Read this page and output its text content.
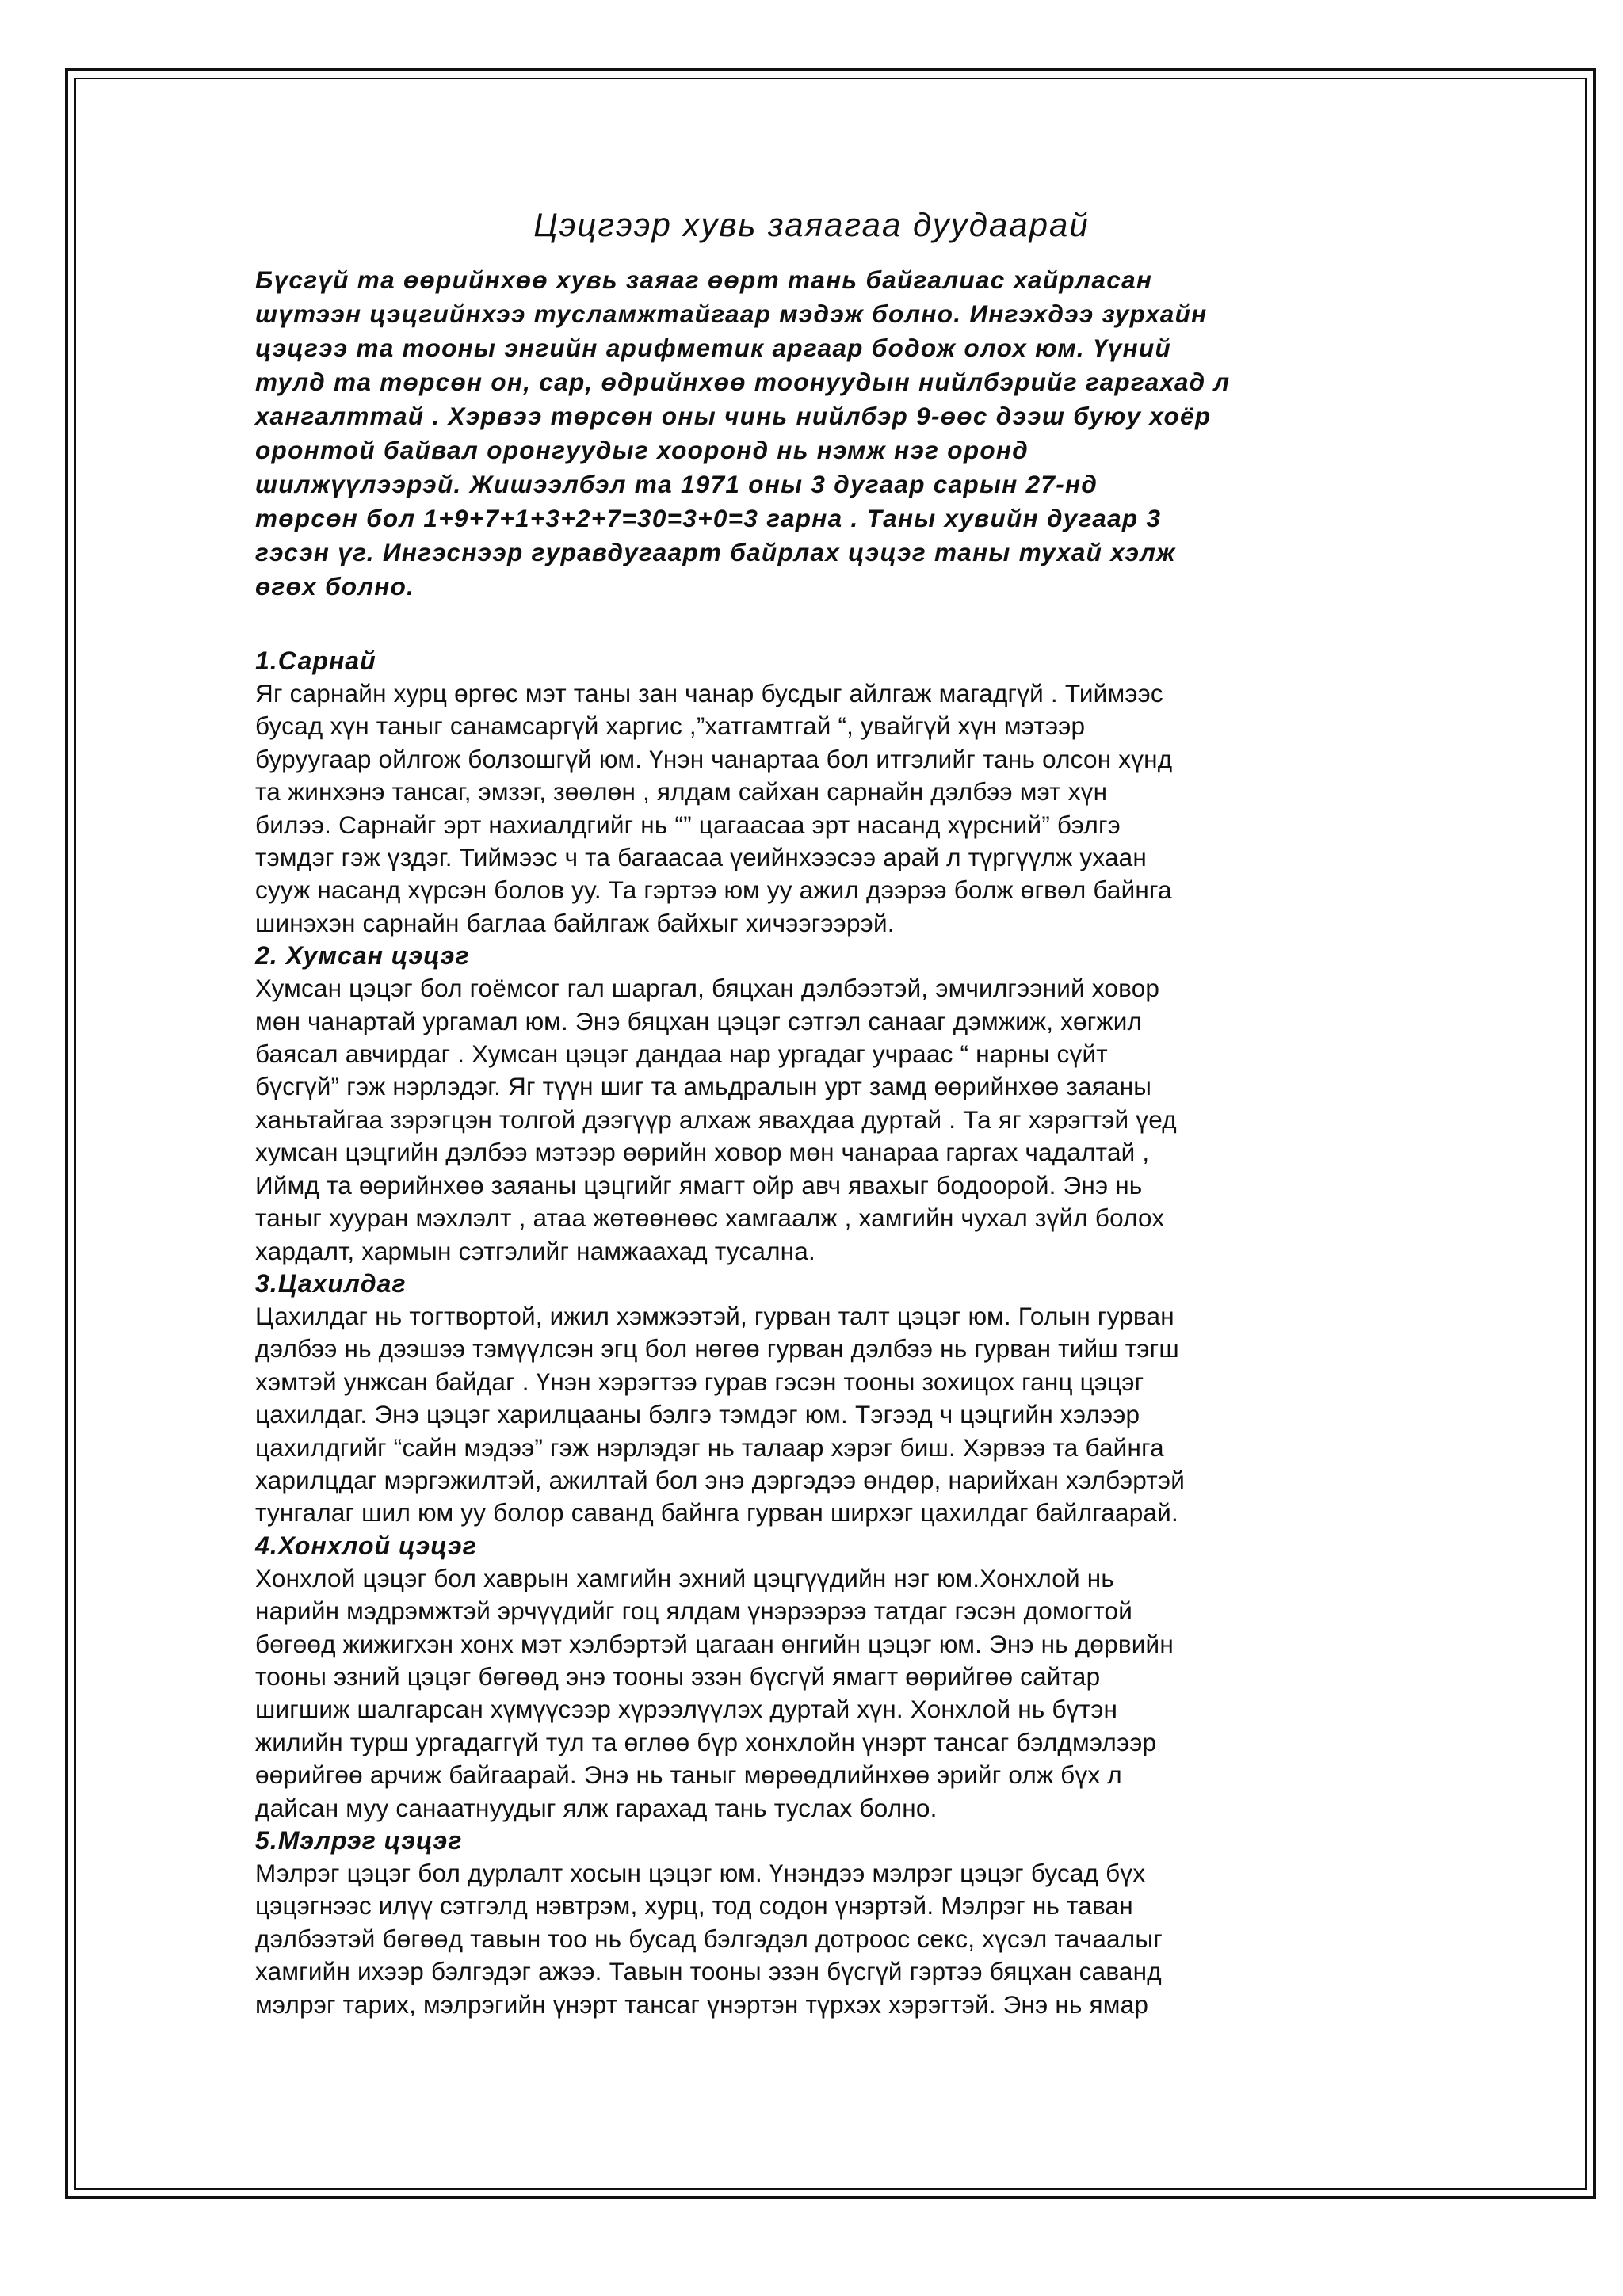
Цэцгээр хувь заяагаа дуудаарай
Бүсгүй та өөрийнхөө хувь заяаг өөрт тань байгалиас хайрласан
шүтээн цэцгийнхээ тусламжтайгаар мэдэж болно. Ингэхдээ зурхайн
цэцгээ та тооны энгийн арифметик аргаар бодож олох юм. Үүний
тулд та төрсөн он, сар, өдрийнхөө тоонуудын нийлбэрийг гаргахад л
хангалттай . Хэрвээ төрсөн оны чинь нийлбэр 9-өөс дээш буюу хоёр
оронтой байвал оронгуудыг хооронд нь нэмж нэг оронд
шилжүүлээрэй. Жишээлбэл та 1971 оны 3 дугаар сарын 27-нд
төрсөн бол 1+9+7+1+3+2+7=30=3+0=3 гарна . Таны хувийн дугаар 3
гэсэн үг. Ингэснээр гуравдугаарт байрлах цэцэг таны тухай хэлж
өгөх болно.
1.Сарнай
Яг сарнайн хурц өргөс мэт таны зан чанар бусдыг айлгаж магадгүй . Тиймээс
бусад хүн таныг санамсаргүй харгис ,”хатгамтгай “, увайгүй хүн мэтээр
буруугаар ойлгож болзошгүй юм. Үнэн чанартаа бол итгэлийг тань олсон хүнд
та жинхэнэ тансаг, эмзэг, зөөлөн , ялдам сайхан сарнайн дэлбээ мэт хүн
билээ. Сарнайг эрт нахиалдгийг нь “” цагаасаа эрт насанд хүрсний” бэлгэ
тэмдэг гэж үздэг. Тиймээс ч та багаасаа үеийнхээсээ арай л түргүүлж ухаан
сууж насанд хүрсэн болов уу. Та гэртээ юм уу ажил дээрээ болж өгвөл байнга
шинэхэн сарнайн баглаа байлгаж байхыг хичээгээрэй.
2. Хумсан цэцэг
Хумсан цэцэг бол гоёмсог гал шаргал, бяцхан дэлбээтэй, эмчилгээний ховор
мөн чанартай ургамал юм. Энэ бяцхан цэцэг сэтгэл санааг дэмжиж, хөгжил
баясал авчирдаг . Хумсан цэцэг дандаа нар ургадаг учраас “ нарны сүйт
бүсгүй” гэж нэрлэдэг. Яг түүн шиг та амьдралын урт замд өөрийнхөө заяаны
ханьтайгаа зэрэгцэн толгой дээгүүр алхаж явахдаа дуртай . Та яг хэрэгтэй үед
хумсан цэцгийн дэлбээ мэтээр өөрийн ховор мөн чанараа гаргах чадалтай ,
Иймд та өөрийнхөө заяаны цэцгийг ямагт ойр авч явахыг бодоорой. Энэ нь
таныг хууран мэхлэлт , атаа жөтөөнөөс хамгаалж , хамгийн чухал зүйл болох
хардалт, хармын сэтгэлийг намжаахад тусална.
3.Цахилдаг
Цахилдаг нь тогтвортой, ижил хэмжээтэй, гурван талт цэцэг юм. Голын гурван
дэлбээ нь дээшээ тэмүүлсэн эгц бол нөгөө гурван дэлбээ нь гурван тийш тэгш
хэмтэй унжсан байдаг . Үнэн хэрэгтээ гурав гэсэн тооны зохицох ганц цэцэг
цахилдаг. Энэ цэцэг харилцааны бэлгэ тэмдэг юм. Тэгээд ч цэцгийн хэлээр
цахилдгийг “сайн мэдээ” гэж нэрлэдэг нь талаар хэрэг биш. Хэрвээ та байнга
харилцдаг мэргэжилтэй, ажилтай бол энэ дэргэдээ өндөр, нарийхан хэлбэртэй
тунгалаг шил юм уу болор саванд байнга гурван ширхэг цахилдаг байлгаарай.
4.Хонхлой цэцэг
Хонхлой цэцэг бол хаврын хамгийн эхний цэцгүүдийн нэг юм.Хонхлой нь
нарийн мэдрэмжтэй эрчүүдийг гоц ялдам үнэрээрээ татдаг гэсэн домогтой
бөгөөд жижигхэн хонх мэт хэлбэртэй цагаан өнгийн цэцэг юм. Энэ нь дөрвийн
тооны эзний цэцэг бөгөөд энэ тооны эзэн бүсгүй ямагт өөрийгөө сайтар
шигшиж шалгарсан хүмүүсээр хүрээлүүлэх дуртай хүн. Хонхлой нь бүтэн
жилийн турш ургадаггүй тул та өглөө бүр хонхлойн үнэрт тансаг бэлдмэлээр
өөрийгөө арчиж байгаарай. Энэ нь таныг мөрөөдлийнхөө эрийг олж бүх л
дайсан муу санаатнуудыг ялж гарахад тань туслах болно.
5.Мэлрэг цэцэг
Мэлрэг цэцэг бол дурлалт хосын цэцэг юм. Үнэндээ мэлрэг цэцэг бусад бүх
цэцэгнээс илүү сэтгэлд нэвтрэм, хурц, тод содон үнэртэй. Мэлрэг нь таван
дэлбээтэй бөгөөд тавын тоо нь бусад бэлгэдэл дотроос секс, хүсэл тачаалыг
хамгийн ихээр бэлгэдэг ажээ. Тавын тооны эзэн бүсгүй гэртээ бяцхан саванд
мэлрэг тарих, мэлрэгийн үнэрт тансаг үнэртэн түрхэх хэрэгтэй. Энэ нь ямар
